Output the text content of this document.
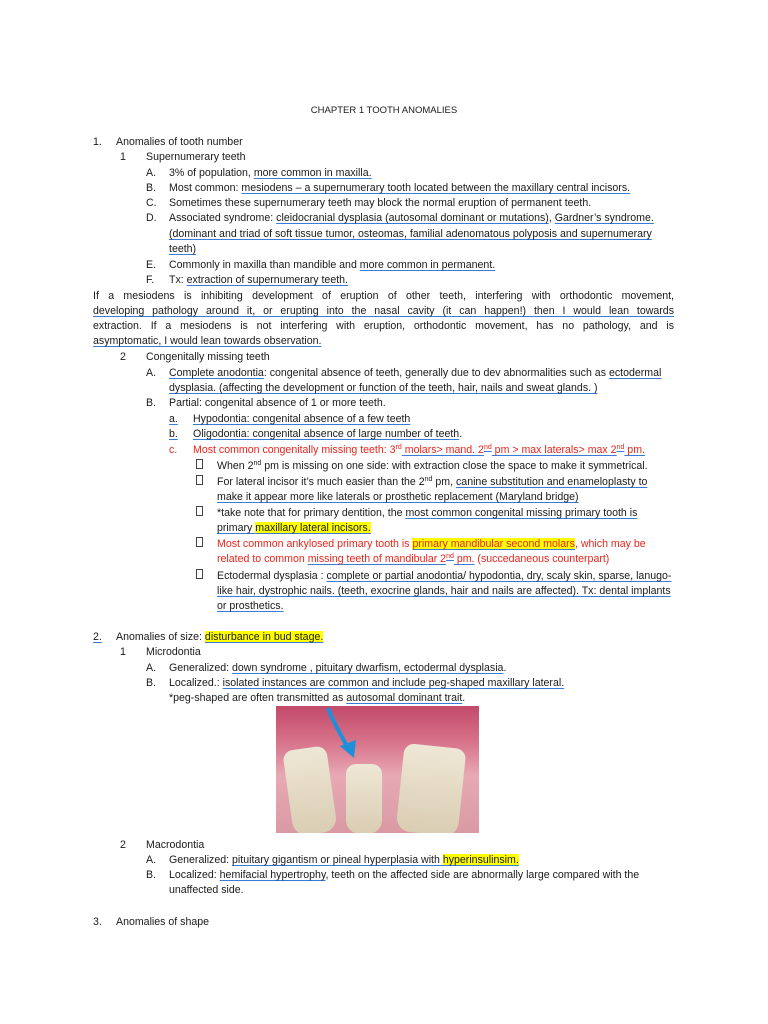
CHAPTER 1 TOOTH ANOMALIES
1. Anomalies of tooth number
1 Supernumerary teeth
A. 3% of population, more common in maxilla.
B. Most common: mesiodens – a supernumerary tooth located between the maxillary central incisors.
C. Sometimes these supernumerary teeth may block the normal eruption of permanent teeth.
D. Associated syndrome: cleidocranial dysplasia (autosomal dominant or mutations), Gardner’s syndrome.
(dominant and triad of soft tissue tumor, osteomas, familial adenomatous polyposis and supernumerary
teeth)
E. Commonly in maxilla than mandible and more common in permanent.
F. Tx: extraction of supernumerary teeth.
If a mesiodens is inhibiting development of eruption of other teeth, interfering with orthodontic movement,
developing pathology around it, or erupting into the nasal cavity (it can happen!) then I would lean towards
extraction. If a mesiodens is not interfering with eruption, orthodontic movement, has no pathology, and is
asymptomatic, I would lean towards observation.
2 Congenitally missing teeth
A. Complete anodontia: congenital absence of teeth, generally due to dev abnormalities such as ectodermal
dysplasia. (affecting the development or function of the teeth, hair, nails and sweat glands. )
B. Partial: congenital absence of 1 or more teeth.
a. Hypodontia: congenital absence of a few teeth
b. Oligodontia: congenital absence of large number of teeth.
c. Most common congenitally missing teeth: 3rd molars> mand. 2nd pm > max laterals> max 2nd pm.
When 2nd pm is missing on one side: with extraction close the space to make it symmetrical.
For lateral incisor it’s much easier than the 2nd pm, canine substitution and enameloplasty to
make it appear more like laterals or prosthetic replacement (Maryland bridge)
*take note that for primary dentition, the most common congenital missing primary tooth is
primary maxillary lateral incisors.
Most common ankylosed primary tooth is primary mandibular second molars, which may be
related to common missing teeth of mandibular 2nd pm. (succedaneous counterpart)
Ectodermal dysplasia : complete or partial anodontia/ hypodontia, dry, scaly skin, sparse, lanugo-
like hair, dystrophic nails. (teeth, exocrine glands, hair and nails are affected). Tx: dental implants
or prosthetics.
2. Anomalies of size: disturbance in bud stage.
1 Microdontia
A. Generalized: down syndrome , pituitary dwarfism, ectodermal dysplasia.
B. Localized.: isolated instances are common and include peg-shaped maxillary lateral.
*peg-shaped are often transmitted as autosomal dominant trait.
2 Macrodontia
A. Generalized: pituitary gigantism or pineal hyperplasia with hyperinsulinsim.
B. Localized: hemifacial hypertrophy, teeth on the affected side are abnormally large compared with the
unaffected side.
3. Anomalies of shape
